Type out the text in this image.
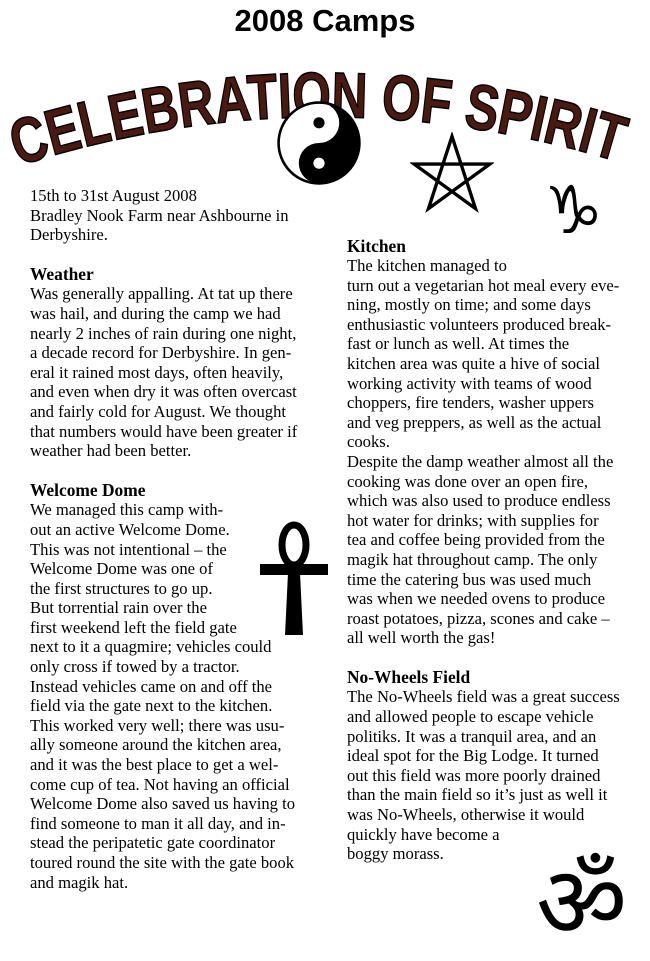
2008 Camps
CELEBRATION OF SPIRIT
♑
ॐ

15th to 31st August 2008

Bradley Nook Farm near Ashbourne in

Derbyshire.

Weather

Was generally appalling. At tat up there

was hail, and during the camp we had

nearly 2 inches of rain during one night,

a decade record for Derbyshire. In gen-

eral it rained most days, often heavily,

and even when dry it was often overcast

and fairly cold for August. We thought

that numbers would have been greater if

weather had been better.

Welcome Dome

We managed this camp with-

out an active Welcome Dome.

This was not intentional – the

Welcome Dome was one of

the first structures to go up.

But torrential rain over the

first weekend left the field gate

next to it a quagmire; vehicles could

only cross if towed by a tractor.

Instead vehicles came on and off the

field via the gate next to the kitchen.

This worked very well; there was usu-

ally someone around the kitchen area,

and it was the best place to get a wel-

come cup of tea. Not having an official

Welcome Dome also saved us having to

find someone to man it all day, and in-

stead the peripatetic gate coordinator

toured round the site with the gate book

and magik hat.

Kitchen

The kitchen managed to

turn out a vegetarian hot meal every eve-

ning, mostly on time; and some days

enthusiastic volunteers produced break-

fast or lunch as well. At times the

kitchen area was quite a hive of social

working activity with teams of wood

choppers, fire tenders, washer uppers

and veg preppers, as well as the actual

cooks.

Despite the damp weather almost all the

cooking was done over an open fire,

which was also used to produce endless

hot water for drinks; with supplies for

tea and coffee being provided from the

magik hat throughout camp. The only

time the catering bus was used much

was when we needed ovens to produce

roast potatoes, pizza, scones and cake –

all well worth the gas!

No-Wheels Field

The No-Wheels field was a great success

and allowed people to escape vehicle

politiks. It was a tranquil area, and an

ideal spot for the Big Lodge. It turned

out this field was more poorly drained

than the main field so it’s just as well it

was No-Wheels, otherwise it would

quickly have become a

boggy morass.
